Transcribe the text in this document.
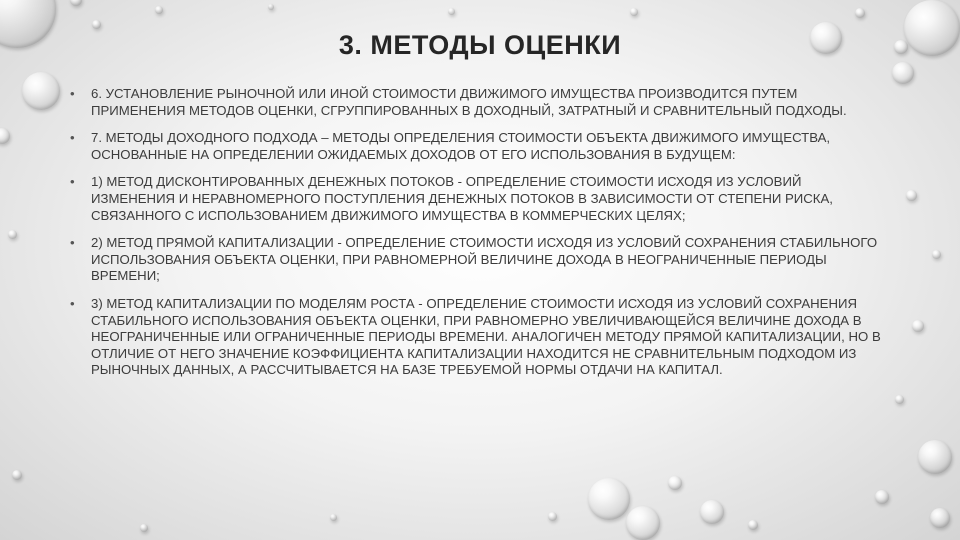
3. МЕТОДЫ ОЦЕНКИ
• 6. УСТАНОВЛЕНИЕ РЫНОЧНОЙ ИЛИ ИНОЙ СТОИМОСТИ ДВИЖИМОГО ИМУЩЕСТВА ПРОИЗВОДИТСЯ ПУТЕМ ПРИМЕНЕНИЯ МЕТОДОВ ОЦЕНКИ, СГРУППИРОВАННЫХ В ДОХОДНЫЙ, ЗАТРАТНЫЙ И СРАВНИТЕЛЬНЫЙ ПОДХОДЫ.
• 7. МЕТОДЫ ДОХОДНОГО ПОДХОДА – МЕТОДЫ ОПРЕДЕЛЕНИЯ СТОИМОСТИ ОБЪЕКТА ДВИЖИМОГО ИМУЩЕСТВА, ОСНОВАННЫЕ НА ОПРЕДЕЛЕНИИ ОЖИДАЕМЫХ ДОХОДОВ ОТ ЕГО ИСПОЛЬЗОВАНИЯ В БУДУЩЕМ:
• 1) МЕТОД ДИСКОНТИРОВАННЫХ ДЕНЕЖНЫХ ПОТОКОВ - ОПРЕДЕЛЕНИЕ СТОИМОСТИ ИСХОДЯ ИЗ УСЛОВИЙ ИЗМЕНЕНИЯ И НЕРАВНОМЕРНОГО ПОСТУПЛЕНИЯ ДЕНЕЖНЫХ ПОТОКОВ В ЗАВИСИМОСТИ ОТ СТЕПЕНИ РИСКА, СВЯЗАННОГО С ИСПОЛЬЗОВАНИЕМ ДВИЖИМОГО ИМУЩЕСТВА В КОММЕРЧЕСКИХ ЦЕЛЯХ;
• 2) МЕТОД ПРЯМОЙ КАПИТАЛИЗАЦИИ - ОПРЕДЕЛЕНИЕ СТОИМОСТИ ИСХОДЯ ИЗ УСЛОВИЙ СОХРАНЕНИЯ СТАБИЛЬНОГО ИСПОЛЬЗОВАНИЯ ОБЪЕКТА ОЦЕНКИ, ПРИ РАВНОМЕРНОЙ ВЕЛИЧИНЕ ДОХОДА В НЕОГРАНИЧЕННЫЕ ПЕРИОДЫ ВРЕМЕНИ;
• 3) МЕТОД КАПИТАЛИЗАЦИИ ПО МОДЕЛЯМ РОСТА - ОПРЕДЕЛЕНИЕ СТОИМОСТИ ИСХОДЯ ИЗ УСЛОВИЙ СОХРАНЕНИЯ СТАБИЛЬНОГО ИСПОЛЬЗОВАНИЯ ОБЪЕКТА ОЦЕНКИ, ПРИ РАВНОМЕРНО УВЕЛИЧИВАЮЩЕЙСЯ ВЕЛИЧИНЕ ДОХОДА В НЕОГРАНИЧЕННЫЕ ИЛИ ОГРАНИЧЕННЫЕ ПЕРИОДЫ ВРЕМЕНИ. АНАЛОГИЧЕН МЕТОДУ ПРЯМОЙ КАПИТАЛИЗАЦИИ, НО В ОТЛИЧИЕ ОТ НЕГО ЗНАЧЕНИЕ КОЭФФИЦИЕНТА КАПИТАЛИЗАЦИИ НАХОДИТСЯ НЕ СРАВНИТЕЛЬНЫМ ПОДХОДОМ ИЗ РЫНОЧНЫХ ДАННЫХ, А РАССЧИТЫВАЕТСЯ НА БАЗЕ ТРЕБУЕМОЙ НОРМЫ ОТДАЧИ НА КАПИТАЛ.
